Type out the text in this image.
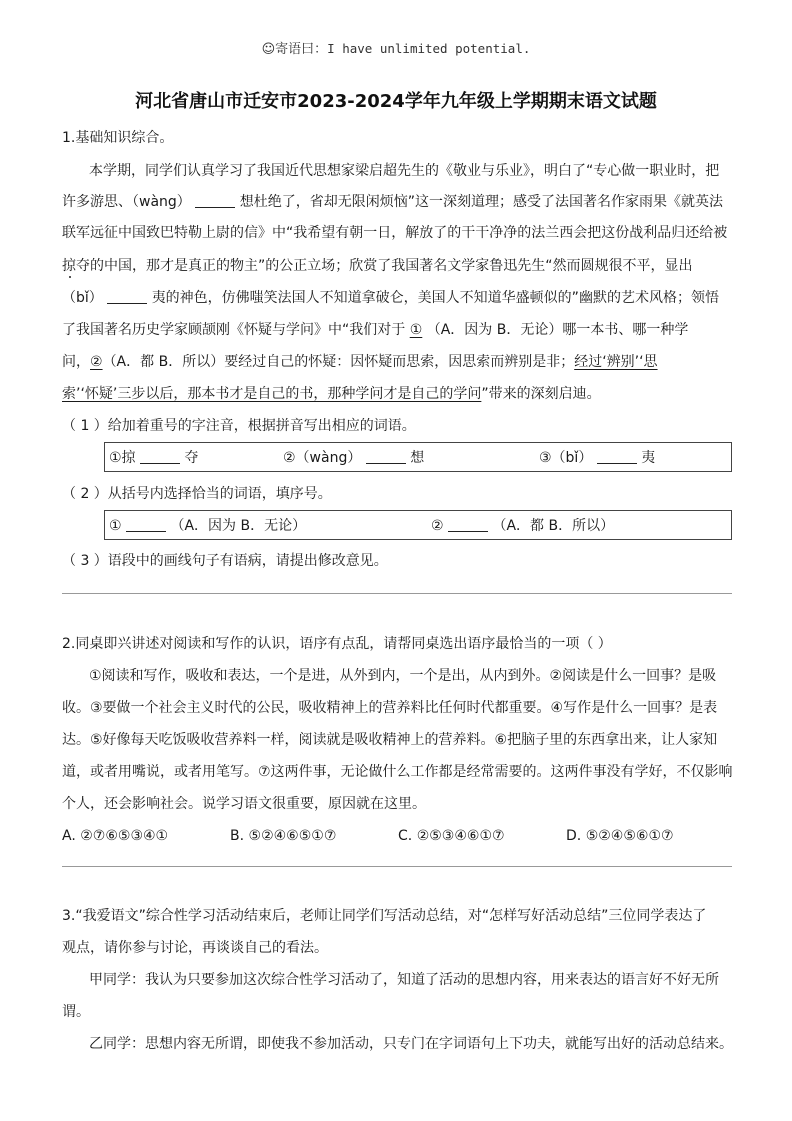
☺寄语曰：I have unlimited potential.
河北省唐山市迁安市2023-2024学年九年级上学期期末语文试题
1.基础知识综合。
本学期，同学们认真学习了我国近代思想家梁启超先生的《敬业与乐业》，明白了“专心做一职业时，把
许多游思、（wàng）	想杜绝了，省却无限闲烦恼”这一深刻道理；感受了法国著名作家雨果《就英法
联军远征中国致巴特勒上尉的信》中“我希望有朝一日，解放了的干干净净的法兰西会把这份战利品归还给被
掠夺的中国，那才是真正的物主”的公正立场；欣赏了我国著名文学家鲁迅先生“然而圆规很不平，显出
（bǐ）	夷的神色，仿佛嗤笑法国人不知道拿破仑，美国人不知道华盛顿似的”幽默的艺术风格；领悟
了我国著名历史学家顾颉刚《怀疑与学问》中“我们对于 ① （A．因为 B．无论）哪一本书、哪一种学
问，②（A．都 B．所以）要经过自己的怀疑：因怀疑而思索，因思索而辨别是非；经过‘辨别’‘思
索’‘怀疑’三步以后，那本书才是自己的书，那种学问才是自己的学问”带来的深刻启迪。
（ 1 ）给加着重号的字注音，根据拼音写出相应的词语。
①掠	夺	②（wàng）	想	③（bǐ）	夷
（ 2 ）从括号内选择恰当的词语，填序号。
①	（A．因为 B．无论）	②	（A．都 B．所以）
（ 3 ）语段中的画线句子有语病，请提出修改意见。
2.同桌即兴讲述对阅读和写作的认识，语序有点乱，请帮同桌选出语序最恰当的一项（ ）
①阅读和写作，吸收和表达，一个是进，从外到内，一个是出，从内到外。②阅读是什么一回事？是吸
收。③要做一个社会主义时代的公民，吸收精神上的营养料比任何时代都重要。④写作是什么一回事？是表
达。⑤好像每天吃饭吸收营养料一样，阅读就是吸收精神上的营养料。⑥把脑子里的东西拿出来，让人家知
道，或者用嘴说，或者用笔写。⑦这两件事，无论做什么工作都是经常需要的。这两件事没有学好，不仅影响
个人，还会影响社会。说学习语文很重要，原因就在这里。
A. ②⑦⑥⑤③④①	B. ⑤②④⑥⑤①⑦	C. ②⑤③④⑥①⑦	D. ⑤②④⑤⑥①⑦
3.“我爱语文”综合性学习活动结束后，老师让同学们写活动总结，对“怎样写好活动总结”三位同学表达了
观点，请你参与讨论，再谈谈自己的看法。
甲同学：我认为只要参加这次综合性学习活动了，知道了活动的思想内容，用来表达的语言好不好无所
谓。
乙同学：思想内容无所谓，即使我不参加活动，只专门在字词语句上下功夫，就能写出好的活动总结来。
